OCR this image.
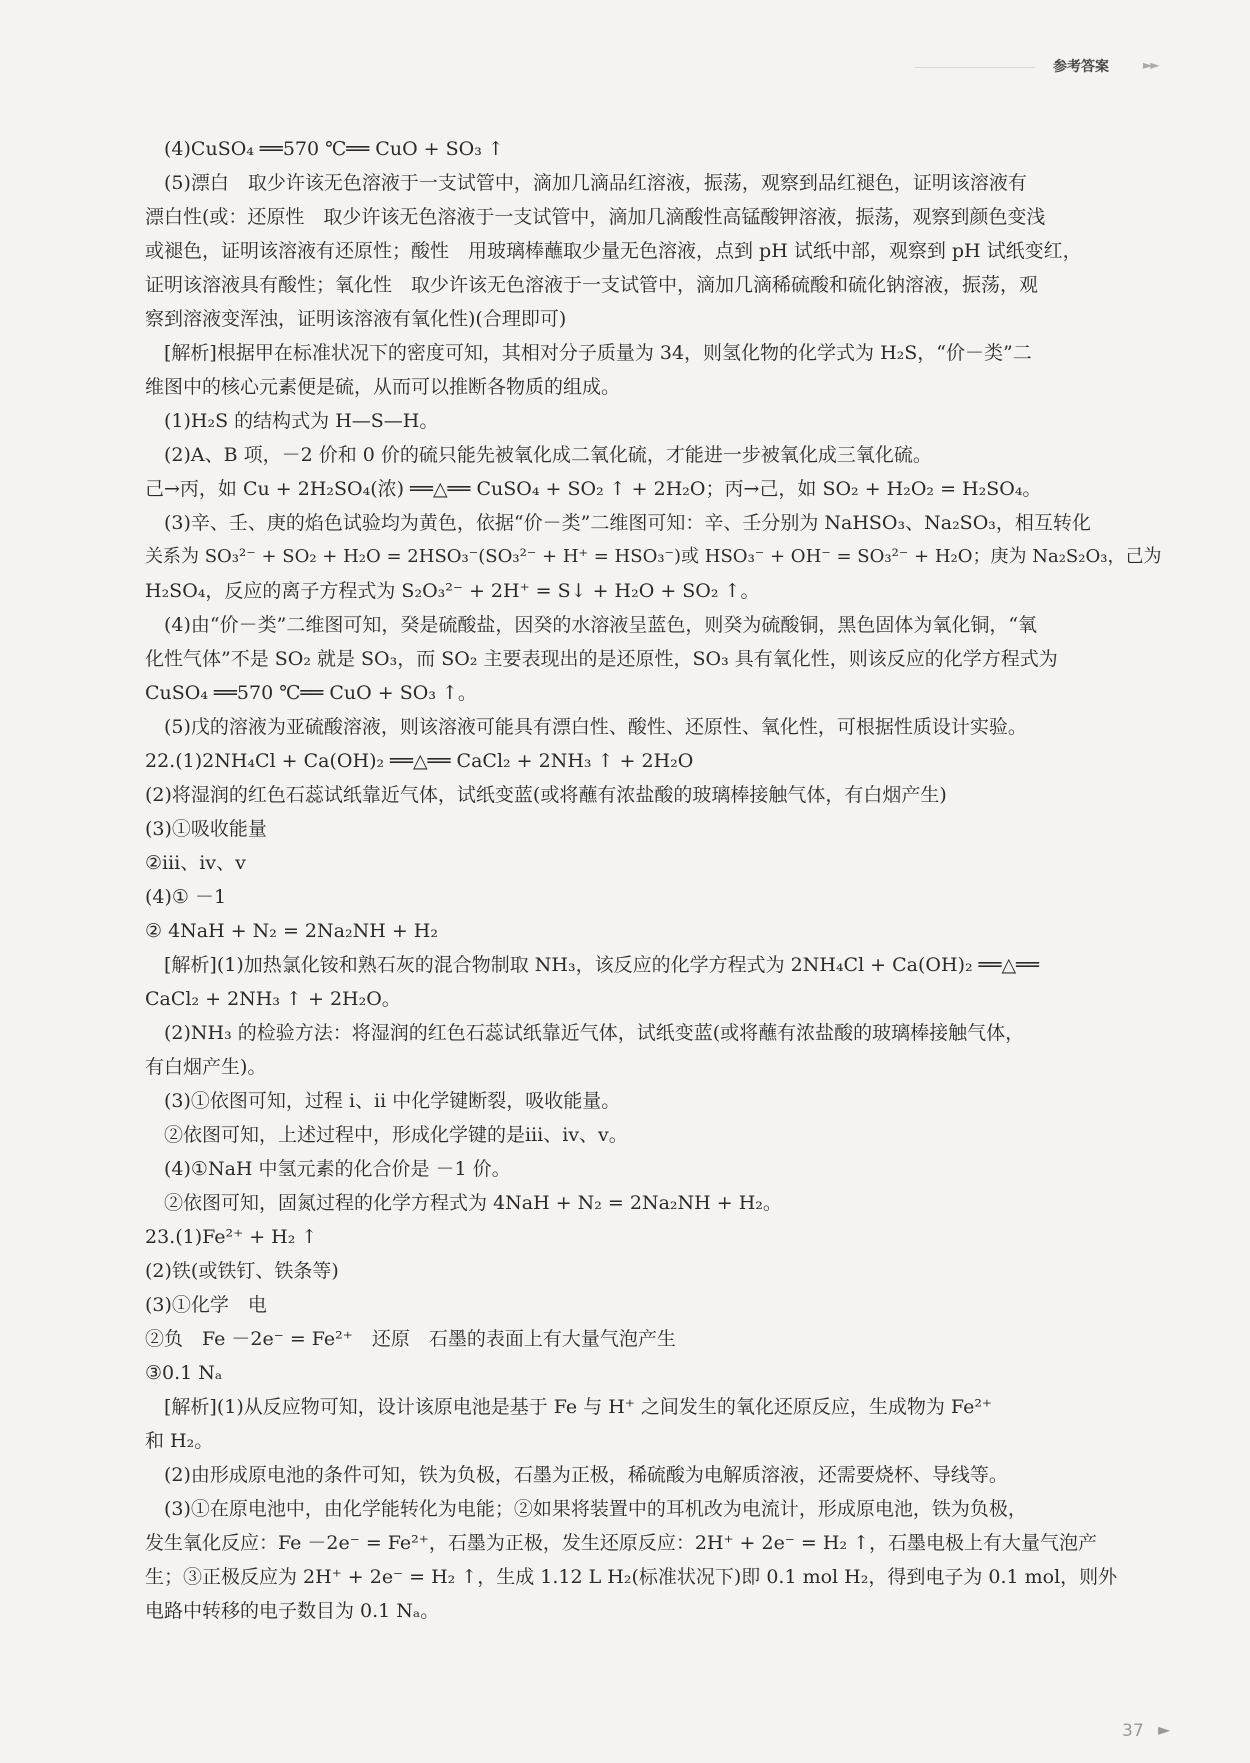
参考答案	►►
(4)CuSO₄ ══570 ℃══ CuO + SO₃ ↑
(5)漂白　取少许该无色溶液于一支试管中，滴加几滴品红溶液，振荡，观察到品红褪色，证明该溶液有
漂白性(或：还原性　取少许该无色溶液于一支试管中，滴加几滴酸性高锰酸钾溶液，振荡，观察到颜色变浅
或褪色，证明该溶液有还原性；酸性　用玻璃棒蘸取少量无色溶液，点到 pH 试纸中部，观察到 pH 试纸变红，
证明该溶液具有酸性；氧化性　取少许该无色溶液于一支试管中，滴加几滴稀硫酸和硫化钠溶液，振荡，观
察到溶液变浑浊，证明该溶液有氧化性)(合理即可)
[解析]根据甲在标准状况下的密度可知，其相对分子质量为 34，则氢化物的化学式为 H₂S，“价－类”二
维图中的核心元素便是硫，从而可以推断各物质的组成。
(1)H₂S 的结构式为 H—S—H。
(2)A、B 项，－2 价和 0 价的硫只能先被氧化成二氧化硫，才能进一步被氧化成三氧化硫。
己→丙，如 Cu + 2H₂SO₄(浓) ══△══ CuSO₄ + SO₂ ↑ + 2H₂O；丙→己，如 SO₂ + H₂O₂ = H₂SO₄。
(3)辛、壬、庚的焰色试验均为黄色，依据“价－类”二维图可知：辛、壬分别为 NaHSO₃、Na₂SO₃，相互转化
关系为 SO₃²⁻ + SO₂ + H₂O = 2HSO₃⁻(SO₃²⁻ + H⁺ = HSO₃⁻)或 HSO₃⁻ + OH⁻ = SO₃²⁻ + H₂O；庚为 Na₂S₂O₃，己为
H₂SO₄，反应的离子方程式为 S₂O₃²⁻ + 2H⁺ = S↓ + H₂O + SO₂ ↑。
(4)由“价－类”二维图可知，癸是硫酸盐，因癸的水溶液呈蓝色，则癸为硫酸铜，黑色固体为氧化铜，“氧
化性气体”不是 SO₂ 就是 SO₃，而 SO₂ 主要表现出的是还原性，SO₃ 具有氧化性，则该反应的化学方程式为
CuSO₄ ══570 ℃══ CuO + SO₃ ↑。
(5)戊的溶液为亚硫酸溶液，则该溶液可能具有漂白性、酸性、还原性、氧化性，可根据性质设计实验。
22.(1)2NH₄Cl + Ca(OH)₂ ══△══ CaCl₂ + 2NH₃ ↑ + 2H₂O
(2)将湿润的红色石蕊试纸靠近气体，试纸变蓝(或将蘸有浓盐酸的玻璃棒接触气体，有白烟产生)
(3)①吸收能量
②ⅲ、ⅳ、ⅴ
(4)① －1
② 4NaH + N₂ = 2Na₂NH + H₂
[解析](1)加热氯化铵和熟石灰的混合物制取 NH₃，该反应的化学方程式为 2NH₄Cl + Ca(OH)₂ ══△══
CaCl₂ + 2NH₃ ↑ + 2H₂O。
(2)NH₃ 的检验方法：将湿润的红色石蕊试纸靠近气体，试纸变蓝(或将蘸有浓盐酸的玻璃棒接触气体，
有白烟产生)。
(3)①依图可知，过程 ⅰ、ⅱ 中化学键断裂，吸收能量。
②依图可知，上述过程中，形成化学键的是ⅲ、ⅳ、ⅴ。
(4)①NaH 中氢元素的化合价是 －1 价。
②依图可知，固氮过程的化学方程式为 4NaH + N₂ = 2Na₂NH + H₂。
23.(1)Fe²⁺ + H₂ ↑
(2)铁(或铁钉、铁条等)
(3)①化学　电
②负　Fe －2e⁻ = Fe²⁺　还原　石墨的表面上有大量气泡产生
③0.1 Nₐ
[解析](1)从反应物可知，设计该原电池是基于 Fe 与 H⁺ 之间发生的氧化还原反应，生成物为 Fe²⁺
和 H₂。
(2)由形成原电池的条件可知，铁为负极，石墨为正极，稀硫酸为电解质溶液，还需要烧杯、导线等。
(3)①在原电池中，由化学能转化为电能；②如果将装置中的耳机改为电流计，形成原电池，铁为负极，
发生氧化反应：Fe －2e⁻ = Fe²⁺，石墨为正极，发生还原反应：2H⁺ + 2e⁻ = H₂ ↑，石墨电极上有大量气泡产
生；③正极反应为 2H⁺ + 2e⁻ = H₂ ↑，生成 1.12 L H₂(标准状况下)即 0.1 mol H₂，得到电子为 0.1 mol，则外
电路中转移的电子数目为 0.1 Nₐ。
37 ►
